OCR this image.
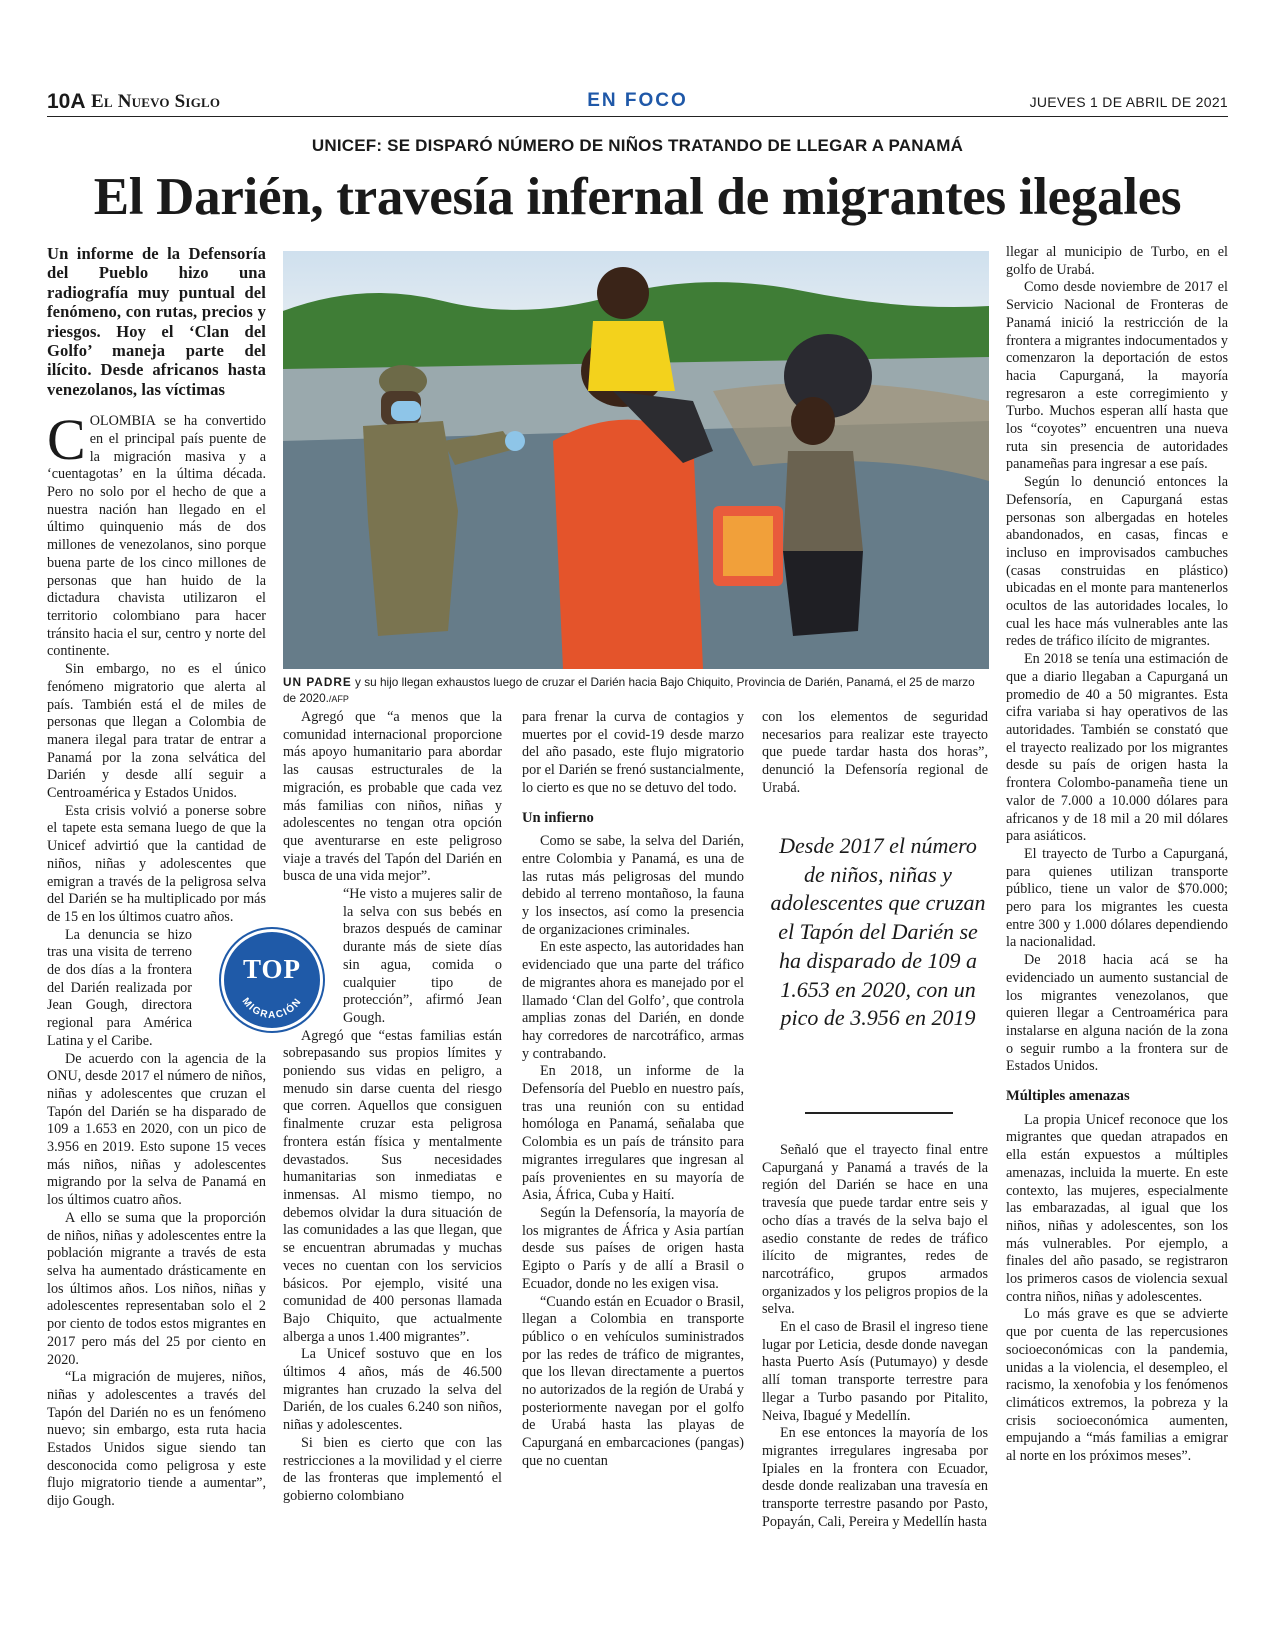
10A El Nuevo Siglo	EN FOCO	JUEVES 1 DE ABRIL DE 2021
UNICEF: SE DISPARÓ NÚMERO DE NIÑOS TRATANDO DE LLEGAR A PANAMÁ
El Darién, travesía infernal de migrantes ilegales

Un informe de la Defensoría del Pueblo hizo una radiografía muy puntual del fenómeno, con rutas, precios y riesgos. Hoy el ‘Clan del Golfo’ maneja parte del ilícito. Desde africanos hasta venezolanos, las víctimas

COLOMBIA se ha convertido en el principal país puente de la migración masiva y a ‘cuentagotas’ en la última década. Pero no solo por el hecho de que a nuestra nación han llegado en el último quinquenio más de dos millones de venezolanos, sino porque buena parte de los cinco millones de personas que han huido de la dictadura chavista utilizaron el territorio colombiano para hacer tránsito hacia el sur, centro y norte del continente.

Sin embargo, no es el único fenómeno migratorio que alerta al país. También está el de miles de personas que llegan a Colombia de manera ilegal para tratar de entrar a Panamá por la zona selvática del Darién y desde allí seguir a Centroamérica y Estados Unidos.

Esta crisis volvió a ponerse sobre el tapete esta semana luego de que la Unicef advirtió que la cantidad de niños, niñas y adolescentes que emigran a través de la peligrosa selva del Darién se ha multiplicado por más de 15 en los últimos cuatro años.

La denuncia se hizo tras una visita de terreno de dos días a la frontera del Darién realizada por Jean Gough, directora regional para América Latina y el Caribe.

De acuerdo con la agencia de la ONU, desde 2017 el número de niños, niñas y adolescentes que cruzan el Tapón del Darién se ha disparado de 109 a 1.653 en 2020, con un pico de 3.956 en 2019. Esto supone 15 veces más niños, niñas y adolescentes migrando por la selva de Panamá en los últimos cuatro años.

A ello se suma que la proporción de niños, niñas y adolescentes entre la población migrante a través de esta selva ha aumentado drásticamente en los últimos años. Los niños, niñas y adolescentes representaban solo el 2 por ciento de todos estos migrantes en 2017 pero más del 25 por ciento en 2020.

“La migración de mujeres, niños, niñas y adolescentes a través del Tapón del Darién no es un fenómeno nuevo; sin embargo, esta ruta hacia Estados Unidos sigue siendo tan desconocida como peligrosa y este flujo migratorio tiende a aumentar”, dijo Gough.

UN PADRE y su hijo llegan exhaustos luego de cruzar el Darién hacia Bajo Chiquito, Provincia de Darién, Panamá, el 25 de marzo de 2020./AFP

Agregó que “a menos que la comunidad internacional proporcione más apoyo humanitario para abordar las causas estructurales de la migración, es probable que cada vez más familias con niños, niñas y adolescentes no tengan otra opción que aventurarse en este peligroso viaje a través del Tapón del Darién en busca de una vida mejor”.

“He visto a mujeres salir de la selva con sus bebés en brazos después de caminar durante más de siete días sin agua, comida o cualquier tipo de protección”, afirmó Jean Gough.

Agregó que “estas familias están sobrepasando sus propios límites y poniendo sus vidas en peligro, a menudo sin darse cuenta del riesgo que corren. Aquellos que consiguen finalmente cruzar esta peligrosa frontera están física y mentalmente devastados. Sus necesidades humanitarias son inmediatas e inmensas. Al mismo tiempo, no debemos olvidar la dura situación de las comunidades a las que llegan, que se encuentran abrumadas y muchas veces no cuentan con los servicios básicos. Por ejemplo, visité una comunidad de 400 personas llamada Bajo Chiquito, que actualmente alberga a unos 1.400 migrantes”.

La Unicef sostuvo que en los últimos 4 años, más de 46.500 migrantes han cruzado la selva del Darién, de los cuales 6.240 son niños, niñas y adolescentes.

Si bien es cierto que con las restricciones a la movilidad y el cierre de las fronteras que implementó el gobierno colombiano

TOP
MIGRACIÓN

para frenar la curva de contagios y muertes por el covid-19 desde marzo del año pasado, este flujo migratorio por el Darién se frenó sustancialmente, lo cierto es que no se detuvo del todo.

Un infierno

Como se sabe, la selva del Darién, entre Colombia y Panamá, es una de las rutas más peligrosas del mundo debido al terreno montañoso, la fauna y los insectos, así como la presencia de organizaciones criminales.

En este aspecto, las autoridades han evidenciado que una parte del tráfico de migrantes ahora es manejado por el llamado ‘Clan del Golfo’, que controla amplias zonas del Darién, en donde hay corredores de narcotráfico, armas y contrabando.

En 2018, un informe de la Defensoría del Pueblo en nuestro país, tras una reunión con su entidad homóloga en Panamá, señalaba que Colombia es un país de tránsito para migrantes irregulares que ingresan al país provenientes en su mayoría de Asia, África, Cuba y Haití.

Según la Defensoría, la mayoría de los migrantes de África y Asia partían desde sus países de origen hasta Egipto o París y de allí a Brasil o Ecuador, donde no les exigen visa.

“Cuando están en Ecuador o Brasil, llegan a Colombia en transporte público o en vehículos suministrados por las redes de tráfico de migrantes, que los llevan directamente a puertos no autorizados de la región de Urabá y posteriormente navegan por el golfo de Urabá hasta las playas de Capurganá en embarcaciones (pangas) que no cuentan

con los elementos de seguridad necesarios para realizar este trayecto que puede tardar hasta dos horas”, denunció la Defensoría regional de Urabá.

Desde 2017 el número de niños, niñas y adolescentes que cruzan el Tapón del Darién se ha disparado de 109 a 1.653 en 2020, con un pico de 3.956 en 2019

Señaló que el trayecto final entre Capurganá y Panamá a través de la región del Darién se hace en una travesía que puede tardar entre seis y ocho días a través de la selva bajo el asedio constante de redes de tráfico ilícito de migrantes, redes de narcotráfico, grupos armados organizados y los peligros propios de la selva.

En el caso de Brasil el ingreso tiene lugar por Leticia, desde donde navegan hasta Puerto Asís (Putumayo) y desde allí toman transporte terrestre para llegar a Turbo pasando por Pitalito, Neiva, Ibagué y Medellín.

En ese entonces la mayoría de los migrantes irregulares ingresaba por Ipiales en la frontera con Ecuador, desde donde realizaban una travesía en transporte terrestre pasando por Pasto, Popayán, Cali, Pereira y Medellín hasta

llegar al municipio de Turbo, en el golfo de Urabá.

Como desde noviembre de 2017 el Servicio Nacional de Fronteras de Panamá inició la restricción de la frontera a migrantes indocumentados y comenzaron la deportación de estos hacia Capurganá, la mayoría regresaron a este corregimiento y Turbo. Muchos esperan allí hasta que los “coyotes” encuentren una nueva ruta sin presencia de autoridades panameñas para ingresar a ese país.

Según lo denunció entonces la Defensoría, en Capurganá estas personas son albergadas en hoteles abandonados, en casas, fincas e incluso en improvisados cambuches (casas construidas en plástico) ubicadas en el monte para mantenerlos ocultos de las autoridades locales, lo cual les hace más vulnerables ante las redes de tráfico ilícito de migrantes.

En 2018 se tenía una estimación de que a diario llegaban a Capurganá un promedio de 40 a 50 migrantes. Esta cifra variaba si hay operativos de las autoridades. También se constató que el trayecto realizado por los migrantes desde su país de origen hasta la frontera Colombo-panameña tiene un valor de 7.000 a 10.000 dólares para africanos y de 18 mil a 20 mil dólares para asiáticos.

El trayecto de Turbo a Capurganá, para quienes utilizan transporte público, tiene un valor de $70.000; pero para los migrantes les cuesta entre 300 y 1.000 dólares dependiendo la nacionalidad.

De 2018 hacia acá se ha evidenciado un aumento sustancial de los migrantes venezolanos, que quieren llegar a Centroamérica para instalarse en alguna nación de la zona o seguir rumbo a la frontera sur de Estados Unidos.

Múltiples amenazas

La propia Unicef reconoce que los migrantes que quedan atrapados en ella están expuestos a múltiples amenazas, incluida la muerte. En este contexto, las mujeres, especialmente las embarazadas, al igual que los niños, niñas y adolescentes, son los más vulnerables. Por ejemplo, a finales del año pasado, se registraron los primeros casos de violencia sexual contra niños, niñas y adolescentes.

Lo más grave es que se advierte que por cuenta de las repercusiones socioeconómicas con la pandemia, unidas a la violencia, el desempleo, el racismo, la xenofobia y los fenómenos climáticos extremos, la pobreza y la crisis socioeconómica aumenten, empujando a “más familias a emigrar al norte en los próximos meses”.
